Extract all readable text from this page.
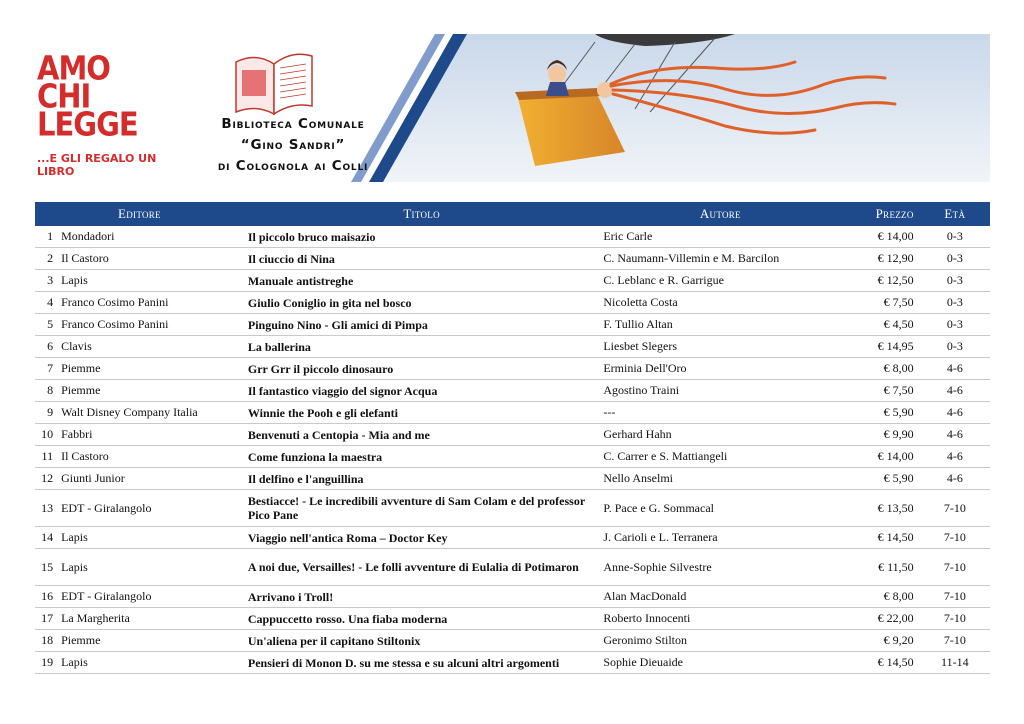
AMO
CHI
LEGGE
...E GLI REGALO UN LIBRO
Biblioteca Comunale
“Gino Sandri”
di Colognola ai Colli
Editore		Titolo	Autore	Prezzo	Età
1	Mondadori	Il piccolo bruco maisazio	Eric Carle	€ 14,00	0-3
2	Il Castoro	Il ciuccio di Nina	C. Naumann-Villemin e M. Barcilon	€ 12,90	0-3
3	Lapis	Manuale antistreghe	C. Leblanc e R. Garrigue	€ 12,50	0-3
4	Franco Cosimo Panini	Giulio Coniglio in gita nel bosco	Nicoletta Costa	€ 7,50	0-3
5	Franco Cosimo Panini	Pinguino Nino - Gli amici di Pimpa	F. Tullio Altan	€ 4,50	0-3
6	Clavis	La ballerina	Liesbet Slegers	€ 14,95	0-3
7	Piemme	Grr Grr il piccolo dinosauro	Erminia Dell'Oro	€ 8,00	4-6
8	Piemme	Il fantastico viaggio del signor Acqua	Agostino Traini	€ 7,50	4-6
9	Walt Disney Company Italia	Winnie the Pooh e gli elefanti	---	€ 5,90	4-6
10	Fabbri	Benvenuti a Centopia - Mia and me	Gerhard Hahn	€ 9,90	4-6
11	Il Castoro	Come funziona la maestra	C. Carrer e S. Mattiangeli	€ 14,00	4-6
12	Giunti Junior	Il delfino e l'anguillina	Nello Anselmi	€ 5,90	4-6
13	EDT - Giralangolo	Bestiacce! - Le incredibili avventure di Sam Colam e del professor Pico Pane	P. Pace e G. Sommacal	€ 13,50	7-10
14	Lapis	Viaggio nell'antica Roma – Doctor Key	J. Carioli e L. Terranera	€ 14,50	7-10
15	Lapis	A noi due, Versailles! - Le folli avventure di Eulalia di Potimaron	Anne-Sophie Silvestre	€ 11,50	7-10
16	EDT - Giralangolo	Arrivano i Troll!	Alan MacDonald	€ 8,00	7-10
17	La Margherita	Cappuccetto rosso. Una fiaba moderna	Roberto Innocenti	€ 22,00	7-10
18	Piemme	Un'aliena per il capitano Stiltonix	Geronimo Stilton	€ 9,20	7-10
19	Lapis	Pensieri di Monon D. su me stessa e su alcuni altri argomenti	Sophie Dieuaide	€ 14,50	11-14
